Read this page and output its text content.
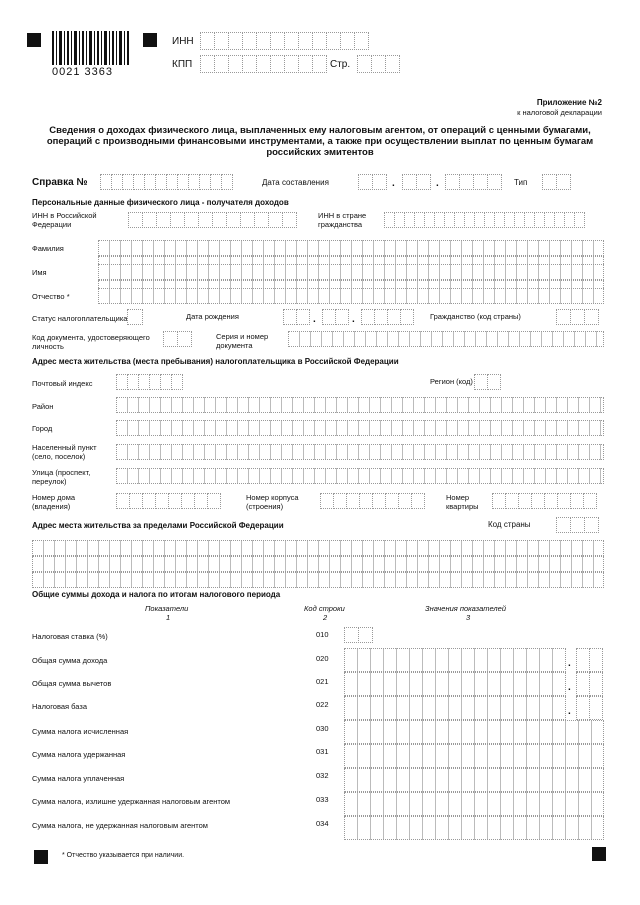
0021 3363
ИНН
КПП	Стр.
Приложение №2
к налоговой декларации
Сведения о доходах физического лица, выплаченных ему налоговым агентом, от операций с ценными бумагами, операций с производными финансовыми инструментами, а также при осуществлении выплат по ценным бумагам российских эмитентов
Справка №	Дата составления	.	.	Тип
Персональные данные физического лица - получателя доходов
ИНН в Российской Федерации
ИНН в стране гражданства
Фамилия
Имя
Отчество *
Статус налогоплательщика	Дата рождения	.	.	Гражданство (код страны)
Код документа, удостоверяющего личность
Серия и номер документа
Адрес места жительства (места пребывания) налогоплательщика в Российской Федерации
Почтовый индекс	Регион (код)
Район
Город
Населенный пункт (село, поселок)
Улица (проспект, переулок)
Номер дома (владения)
Номер корпуса (строения)
Номер квартиры
Адрес места жительства за пределами Российской Федерации	Код страны
Общие суммы дохода и налога по итогам налогового периода
Показатели
1
Код строки
2
Значения показателей
3
Налоговая ставка (%)	010
Общая сумма дохода	020	.
Общая сумма вычетов	021
.
Налоговая база	022
.
Сумма налога исчисленная	030
Сумма налога удержанная	031
Сумма налога уплаченная	032
Сумма налога, излишне удержанная налоговым агентом	033
Сумма налога, не удержанная налоговым агентом	034
* Отчество указывается при наличии.
